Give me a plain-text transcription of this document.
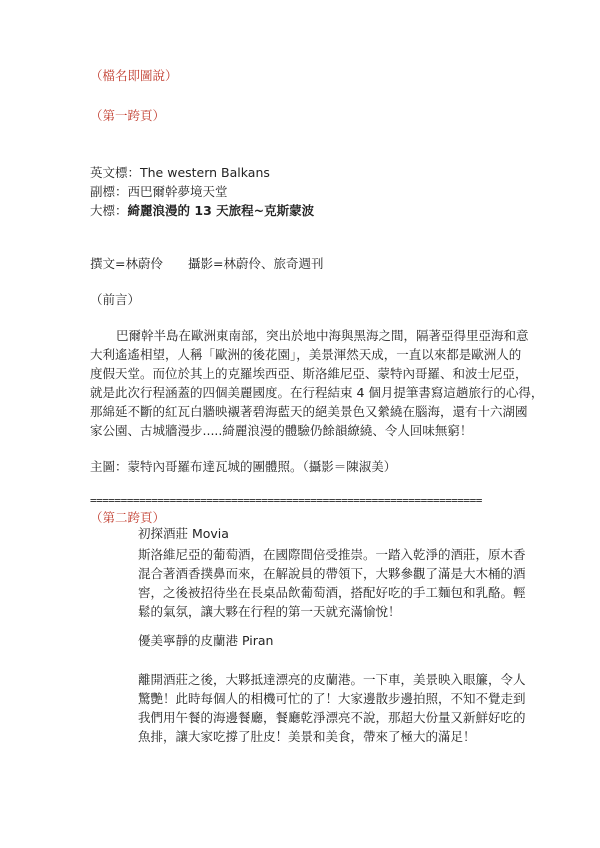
（檔名即圖說）
（第一跨頁）
英文標：The western Balkans
副標：西巴爾幹夢境天堂
大標：綺麗浪漫的 13 天旅程~克斯蒙波
撰文=林蔚伶 攝影=林蔚伶、旅奇週刊
（前言）

巴爾幹半島在歐洲東南部，突出於地中海與黑海之間，隔著亞得里亞海和意

大利遙遙相望，人稱「歐洲的後花園」，美景渾然天成，一直以來都是歐洲人的

度假天堂。而位於其上的克羅埃西亞、斯洛維尼亞、蒙特內哥羅、和波士尼亞，

就是此次行程涵蓋的四個美麗國度。在行程結束 4 個月提筆書寫這趟旅行的心得，

那綿延不斷的紅瓦白牆映襯著碧海藍天的絕美景色又縈繞在腦海，還有十六湖國

家公園、古城牆漫步.....綺麗浪漫的體驗仍餘韻繚繞、令人回味無窮！

主圖：蒙特內哥羅布達瓦城的團體照。（攝影＝陳淑美）
================================================================
（第二跨頁）
初探酒莊 Movia

斯洛維尼亞的葡萄酒，在國際間倍受推崇。一踏入乾淨的酒莊，原木香

混合著酒香撲鼻而來，在解說員的帶領下，大夥參觀了滿是大木桶的酒

窖，之後被招待坐在長桌品飲葡萄酒，搭配好吃的手工麵包和乳酪。輕

鬆的氣氛，讓大夥在行程的第一天就充滿愉悅！

優美寧靜的皮蘭港 Piran

離開酒莊之後，大夥抵達漂亮的皮蘭港。一下車，美景映入眼簾，令人

驚艷！此時每個人的相機可忙的了！大家邊散步邊拍照，不知不覺走到

我們用午餐的海邊餐廳，餐廳乾淨漂亮不說，那超大份量又新鮮好吃的

魚排，讓大家吃撐了肚皮！美景和美食，帶來了極大的滿足！
